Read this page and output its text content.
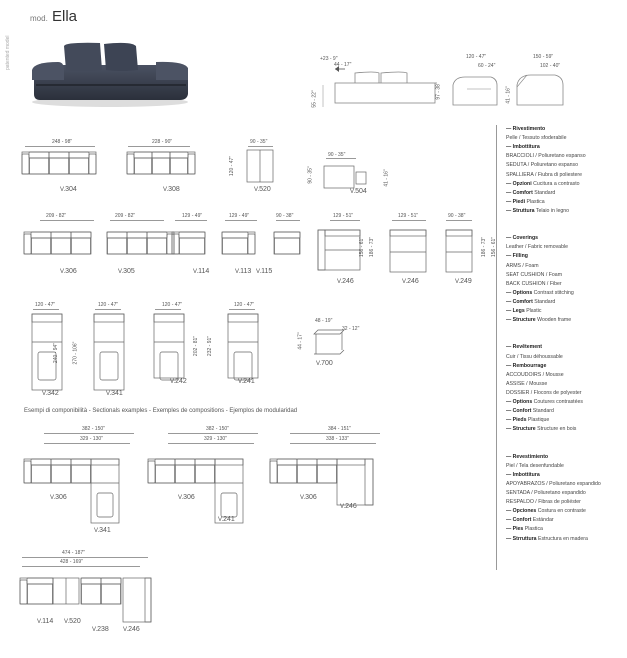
mod. Ella
patented model	+23 - 9"
44 - 17"
55 - 22"	97 - 38"
120 - 47"
60 - 24"
150 - 59"
102 - 40"
41 - 16"
— Rivestimento
Pelle / Tessuto sfoderabile
— Imbottitura
BRACCIOLI / Poliuretano espanso
SEDUTA / Poliuretano espanso
SPALLIERA / Fiubra di poliestere
— Opzioni Cucitura a contrasto
— Comfort Standard
— Piedi Plastica
— Struttura Telaio in legno
— Coverings
Leather / Fabric removable
— Filling
ARMS / Foam
SEAT CUSHION / Foam
BACK CUSHION / Fiber
— Options Contrast stitching
— Comfort Standard
— Legs Plastic
— Structure Wooden frame
— Revêtement
Cuir / Tissu déhoussable
— Rembourrage
ACCOUDOIRS / Mousse
ASSISE / Mousse
DOSSIER / Flocons de polyester
— Options Coutures contrastées
— Confort Standard
— Pieds Plastique
— Structure Structure en bois
— Revestimiento
Piel / Tela desenfundable
— Imbottitura
APOYABRAZOS / Poliuretano expandido
SENTADA / Poliuretano expandido
RESPALDO / Fibras de poliéster
— Opciones Costura en contraste
— Confort Estándar
— Pies Plastica
— Strruttura Estructura en madera
248 - 98"
V.304
228 - 90"
V.308
90 - 35"
120 - 47"
V.520
90 - 35"
90 - 35"	41 - 16"
V.504
209 - 82"
V.306
209 - 82"
V.305
129 - 49"
V.114
129 - 49"
V.113
90 - 38"
V.115
129 - 51"
156 - 61" 186 - 73"
V.246
129 - 51"
V.246
90 - 38"
186 - 73" 156 - 61"
V.249
120 - 47"
240 - 94"
V.342
120 - 47"
270 - 106"
V.341
120 - 47"
202 - 81"
V.242
120 - 47"
232 - 91"
V.241
48 - 19"
44 - 17"
32 - 12"
V.700
382 - 150"
329 - 130"
V.306
V.341
382 - 150"
329 - 130"
V.306
V.241
384 - 151"
338 - 133"
V.306
V.246
474 - 187"
428 - 169"
V.114 V.520
V.238 V.246
Esempi di componibilità - Sectionals examples - Exemples de compositions - Ejemplos de modularidad
